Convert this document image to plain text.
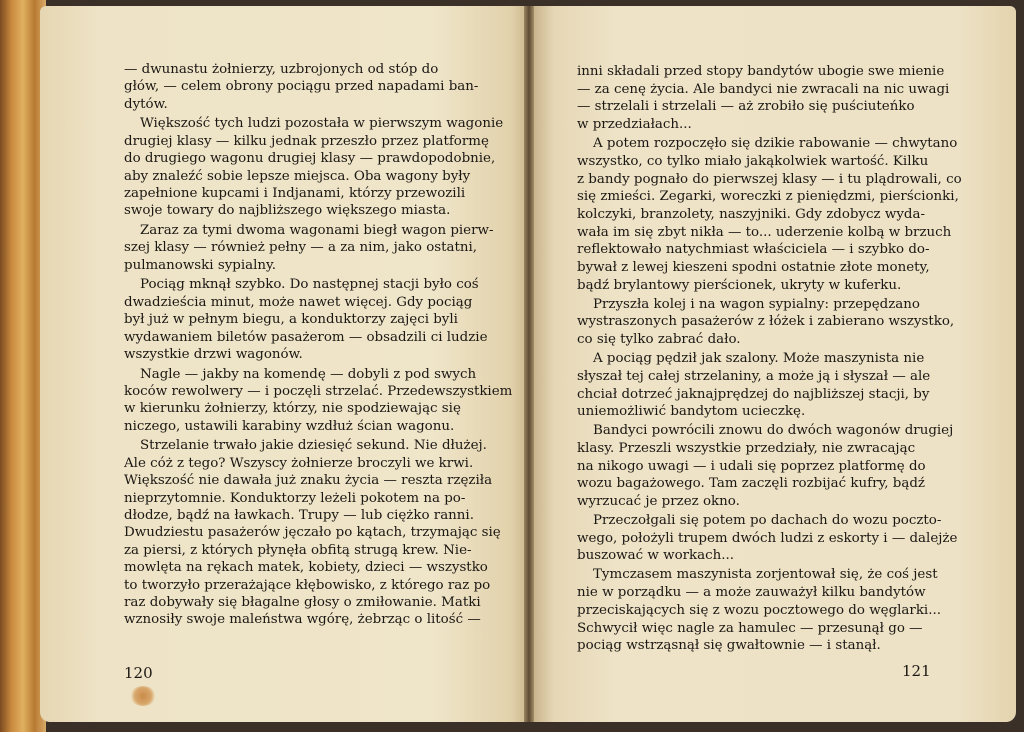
— dwunastu żołnierzy, uzbrojonych od stóp do
głów, — celem obrony pociągu przed napadami ban-
dytów.
Większość tych ludzi pozostała w pierwszym wagonie
drugiej klasy — kilku jednak przeszło przez platformę
do drugiego wagonu drugiej klasy — prawdopodobnie,
aby znaleźć sobie lepsze miejsca. Oba wagony były
zapełnione kupcami i Indjanami, którzy przewozili
swoje towary do najbliższego większego miasta.
Zaraz za tymi dwoma wagonami biegł wagon pierw-
szej klasy — również pełny — a za nim, jako ostatni,
pulmanowski sypialny.
Pociąg mknął szybko. Do następnej stacji było coś
dwadzieścia minut, może nawet więcej. Gdy pociąg
był już w pełnym biegu, a konduktorzy zajęci byli
wydawaniem biletów pasażerom — obsadzili ci ludzie
wszystkie drzwi wagonów.
Nagle — jakby na komendę — dobyli z pod swych
koców rewolwery — i poczęli strzelać. Przedewszystkiem
w kierunku żołnierzy, którzy, nie spodziewając się
niczego, ustawili karabiny wzdłuż ścian wagonu.
Strzelanie trwało jakie dziesięć sekund. Nie dłużej.
Ale cóż z tego? Wszyscy żołnierze broczyli we krwi.
Większość nie dawała już znaku życia — reszta rzęziła
nieprzytomnie. Konduktorzy leżeli pokotem na po-
dłodze, bądź na ławkach. Trupy — lub ciężko ranni.
Dwudziestu pasażerów jęczało po kątach, trzymając się
za piersi, z których płynęła obfitą strugą krew. Nie-
mowlęta na rękach matek, kobiety, dzieci — wszystko
to tworzyło przerażające kłębowisko, z którego raz po
raz dobywały się błagalne głosy o zmiłowanie. Matki
wznosiły swoje maleństwa wgórę, żebrząc o litość —
120
inni składali przed stopy bandytów ubogie swe mienie
— za cenę życia. Ale bandyci nie zwracali na nic uwagi
— strzelali i strzelali — aż zrobiło się puściuteńko
w przedziałach...
A potem rozpoczęło się dzikie rabowanie — chwytano
wszystko, co tylko miało jakąkolwiek wartość. Kilku
z bandy pognało do pierwszej klasy — i tu plądrowali, co
się zmieści. Zegarki, woreczki z pieniędzmi, pierścionki,
kolczyki, branzolety, naszyjniki. Gdy zdobycz wyda-
wała im się zbyt nikła — to... uderzenie kolbą w brzuch
reflektowało natychmiast właściciela — i szybko do-
bywał z lewej kieszeni spodni ostatnie złote monety,
bądź brylantowy pierścionek, ukryty w kuferku.
Przyszła kolej i na wagon sypialny: przepędzano
wystraszonych pasażerów z łóżek i zabierano wszystko,
co się tylko zabrać dało.
A pociąg pędził jak szalony. Może maszynista nie
słyszał tej całej strzelaniny, a może ją i słyszał — ale
chciał dotrzeć jaknajprędzej do najbliższej stacji, by
uniemożliwić bandytom ucieczkę.
Bandyci powrócili znowu do dwóch wagonów drugiej
klasy. Przeszli wszystkie przedziały, nie zwracając
na nikogo uwagi — i udali się poprzez platformę do
wozu bagażowego. Tam zaczęli rozbijać kufry, bądź
wyrzucać je przez okno.
Przeczołgali się potem po dachach do wozu poczto-
wego, położyli trupem dwóch ludzi z eskorty i — dalejże
buszować w workach...
Tymczasem maszynista zorjentował się, że coś jest
nie w porządku — a może zauważył kilku bandytów
przeciskających się z wozu pocztowego do węglarki...
Schwycił więc nagle za hamulec — przesunął go —
pociąg wstrząsnął się gwałtownie — i stanął.
121
